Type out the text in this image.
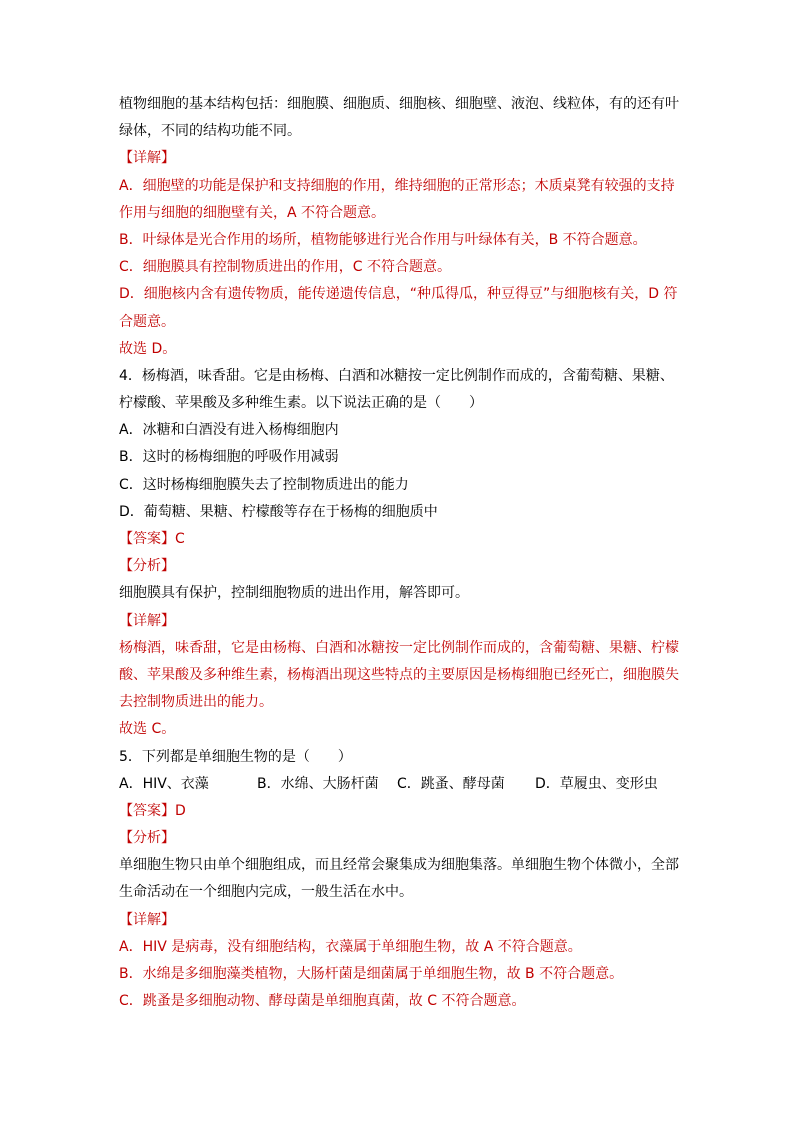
植物细胞的基本结构包括：细胞膜、细胞质、细胞核、细胞壁、液泡、线粒体，有的还有叶
绿体，不同的结构功能不同。
【详解】
A．细胞壁的功能是保护和支持细胞的作用，维持细胞的正常形态；木质桌凳有较强的支持
作用与细胞的细胞壁有关，A 不符合题意。
B．叶绿体是光合作用的场所，植物能够进行光合作用与叶绿体有关，B 不符合题意。
C．细胞膜具有控制物质进出的作用，C 不符合题意。
D．细胞核内含有遗传物质，能传递遗传信息，“种瓜得瓜，种豆得豆”与细胞核有关，D 符
合题意。
故选 D。
4．杨梅酒，味香甜。它是由杨梅、白酒和冰糖按一定比例制作而成的，含葡萄糖、果糖、
柠檬酸、苹果酸及多种维生素。以下说法正确的是（　　）
A．冰糖和白酒没有进入杨梅细胞内
B．这时的杨梅细胞的呼吸作用减弱
C．这时杨梅细胞膜失去了控制物质进出的能力
D．葡萄糖、果糖、柠檬酸等存在于杨梅的细胞质中
【答案】C
【分析】
细胞膜具有保护，控制细胞物质的进出作用，解答即可。
【详解】
杨梅酒，味香甜，它是由杨梅、白酒和冰糖按一定比例制作而成的，含葡萄糖、果糖、柠檬
酸、苹果酸及多种维生素，杨梅酒出现这些特点的主要原因是杨梅细胞已经死亡，细胞膜失
去控制物质进出的能力。
故选 C。
5．下列都是单细胞生物的是（　　）
A．HIV、衣藻	B．水绵、大肠杆菌	C．跳蚤、酵母菌	D．草履虫、变形虫
【答案】D
【分析】
单细胞生物只由单个细胞组成，而且经常会聚集成为细胞集落。单细胞生物个体微小，全部
生命活动在一个细胞内完成，一般生活在水中。
【详解】
A．HIV 是病毒，没有细胞结构，衣藻属于单细胞生物，故 A 不符合题意。
B．水绵是多细胞藻类植物，大肠杆菌是细菌属于单细胞生物，故 B 不符合题意。
C．跳蚤是多细胞动物、酵母菌是单细胞真菌，故 C 不符合题意。
